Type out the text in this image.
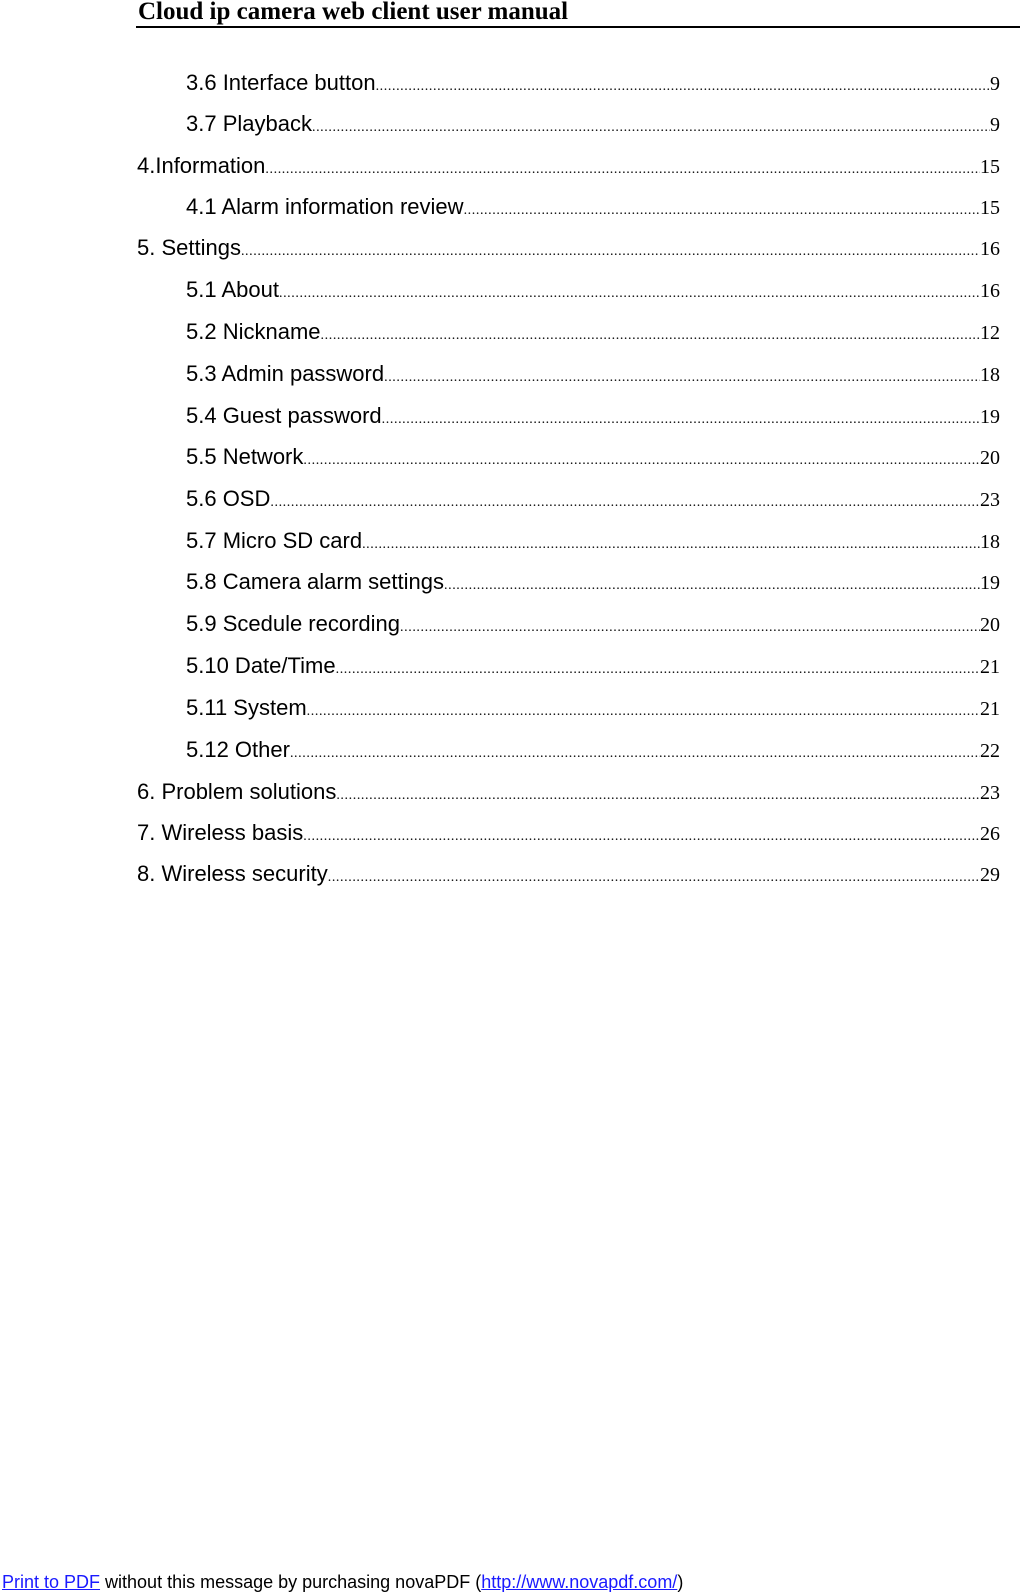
Cloud ip camera web client user manual
3.6 Interface button .....	9
3.7 Playback .....	9
4.Information .....	15
4.1 Alarm information review .....	15
5. Settings .....	16
5.1 About .....	16
5.2 Nickname .....	12
5.3 Admin password .....	18
5.4 Guest password .....	19
5.5 Network .....	20
5.6 OSD .....	23
5.7 Micro SD card .....	18
5.8 Camera alarm settings .....	19
5.9 Scedule recording .....	20
5.10 Date/Time .....	21
5.11 System .....	21
5.12 Other .....	22
6. Problem solutions .....	23
7. Wireless basis .....	26
8. Wireless security .....	29
Print to PDF without this message by purchasing novaPDF (http://www.novapdf.com/)
